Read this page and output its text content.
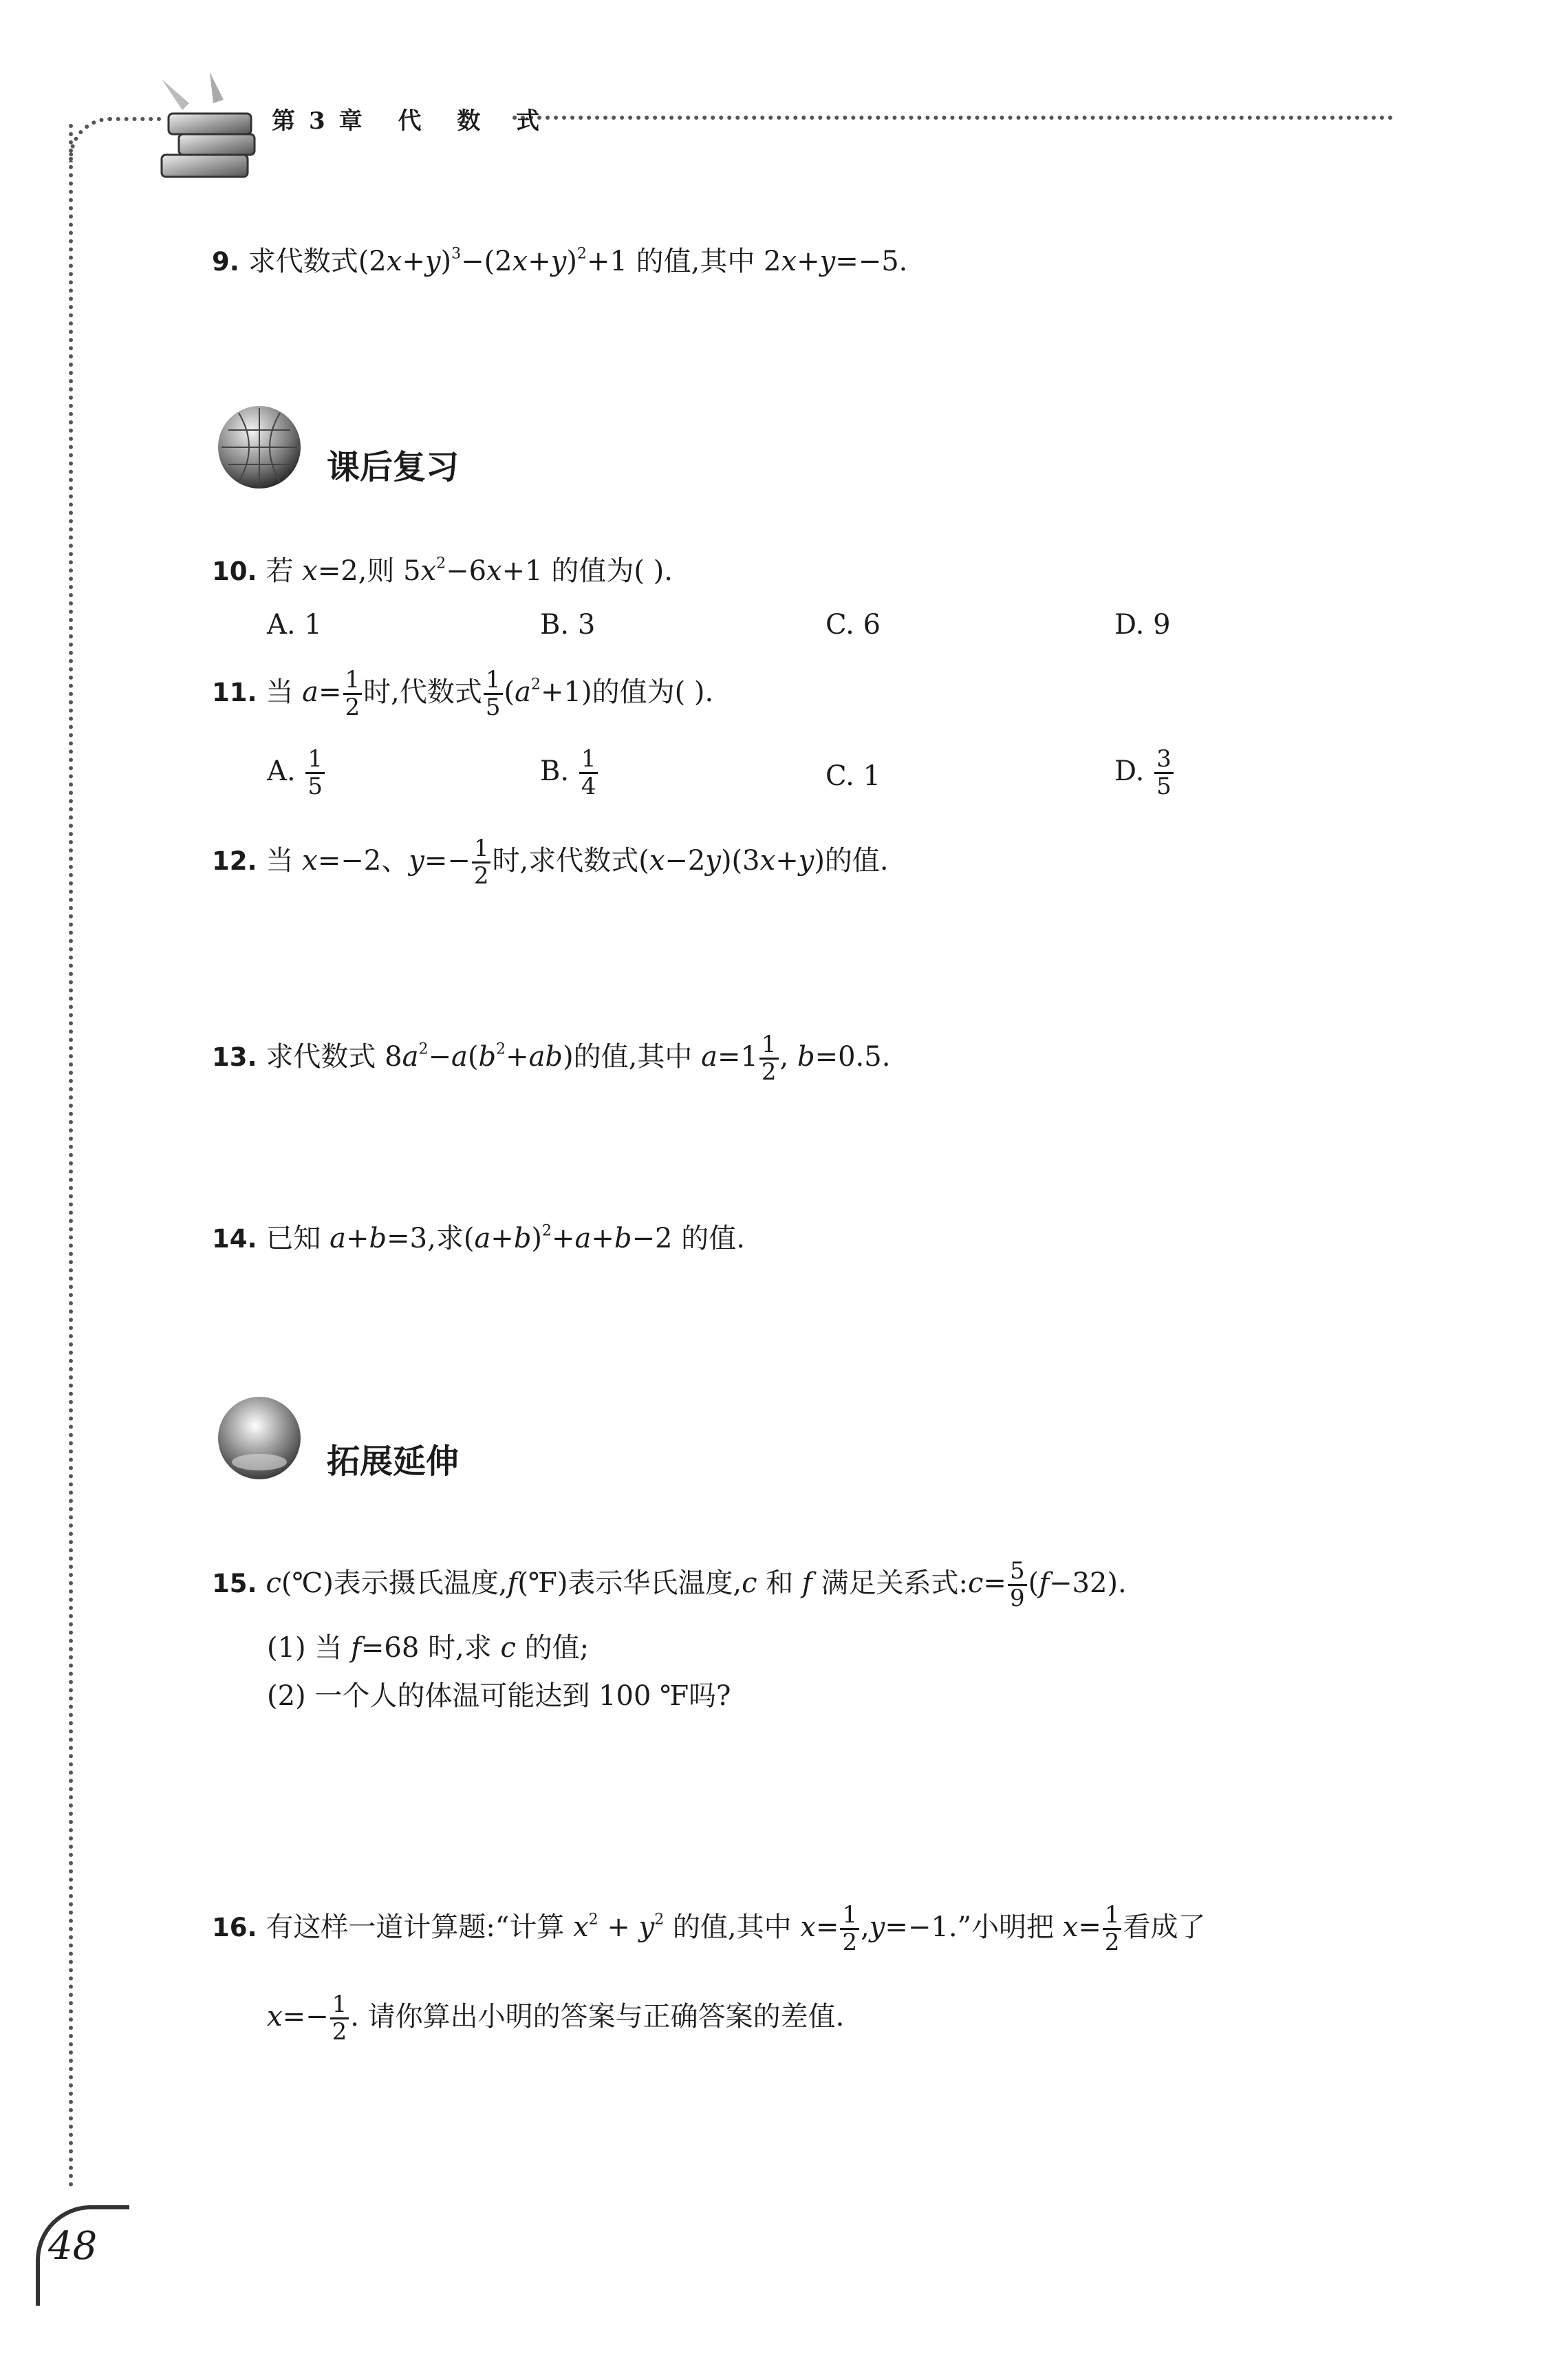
第3章 代 数 式
9. 求代数式$(2x+y)^3-(2x+y)^2+1$ 的值,其中 2x+y=−5.
课后复习
10. 若 x=2,则 $5x^2-6x+1$ 的值为( ).
A. 1	B. 3	C. 6	D. 9
11. 当 $a= \frac{1}{2}$ 时,代数式 $\frac{1}{5} (a^2+1)$的值为( ).
A. $\frac{1}{5}$	B. $\frac{1}{4}$	C. 1	D. $\frac{3}{5}$
12. 当 x=−2、$y=- \frac{1}{2}$ 时,求代数式(x−2y)(3x+y)的值.
13. 求代数式 $8a^2-a(b^2+ab)$的值,其中 $a=1 \frac{1}{2}$ , b=0.5.
14. 已知 a+b=3,求$(a+b)^2+a+b-2$ 的值.
拓展延伸
15. c(℃)表示摄氏温度,f(℉)表示华氏温度,c 和 f 满足关系式:c= $\frac{5}{9} (f-32)$.
(1) 当 f=68 时,求 c 的值;
(2) 一个人的体温可能达到 100 ℉吗?
16. 有这样一道计算题:“计算 $x^2 + y^2$ 的值,其中 $x= \frac{1}{2} ,y=-1$.”小明把 $x= \frac{1}{2}$ 看成了
$x=- \frac{1}{2}$ . 请你算出小明的答案与正确答案的差值.
48
